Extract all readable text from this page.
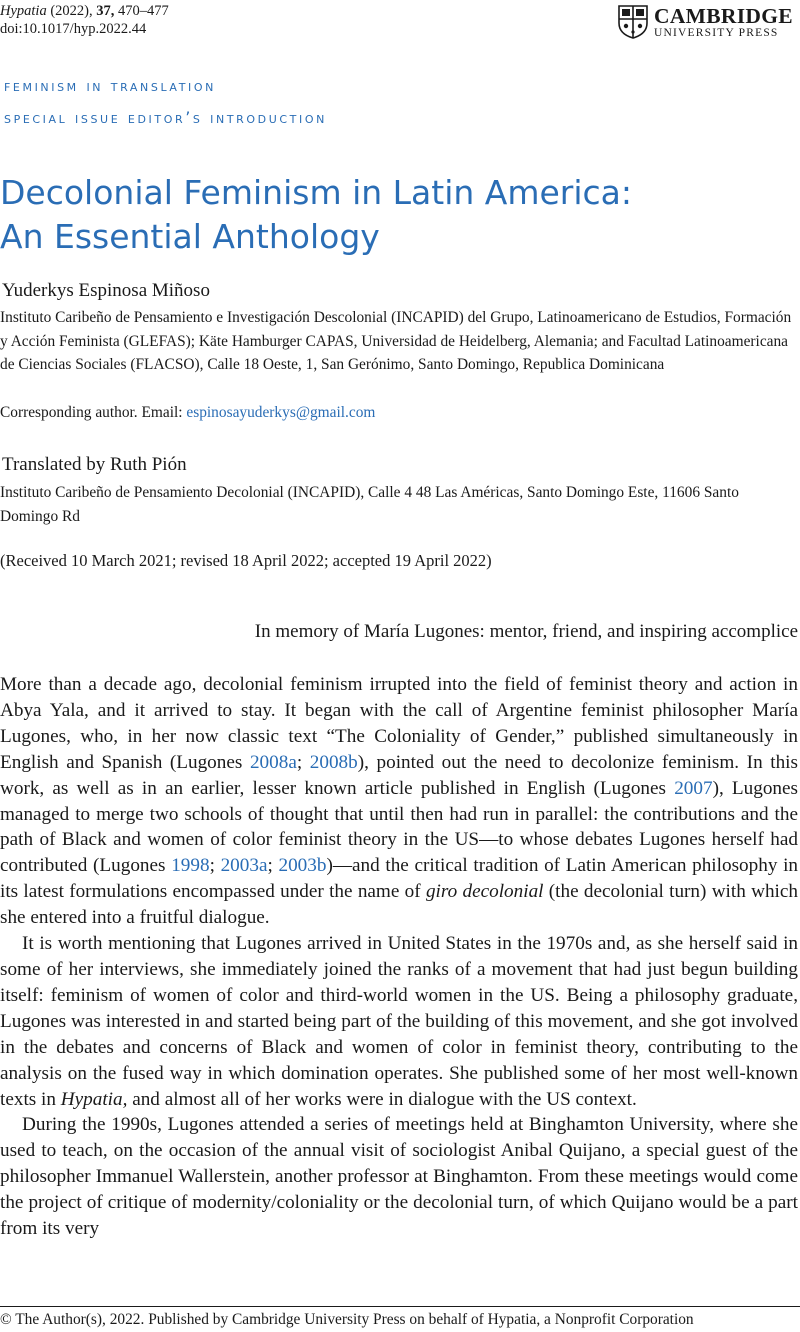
Hypatia (2022), 37, 470–477
doi:10.1017/hyp.2022.44
CAMBRIDGE
UNIVERSITY PRESS
feminism in translation
special issue editor’s introduction
Decolonial Feminism in Latin America:
An Essential Anthology
Yuderkys Espinosa Miñoso
Instituto Caribeño de Pensamiento e Investigación Descolonial (INCAPID) del Grupo, Latinoamericano de Estudios, Formación y Acción Feminista (GLEFAS); Käte Hamburger CAPAS, Universidad de Heidelberg, Alemania; and Facultad Latinoamericana de Ciencias Sociales (FLACSO), Calle 18 Oeste, 1, San Gerónimo, Santo Domingo, Republica Dominicana
Corresponding author. Email: espinosayuderkys@gmail.com
Translated by Ruth Pión
Instituto Caribeño de Pensamiento Decolonial (INCAPID), Calle 4 48 Las Américas, Santo Domingo Este, 11606 Santo Domingo Rd
(Received 10 March 2021; revised 18 April 2022; accepted 19 April 2022)
In memory of María Lugones: mentor, friend, and inspiring accomplice

More than a decade ago, decolonial feminism irrupted into the field of feminist theory and action in Abya Yala, and it arrived to stay. It began with the call of Argentine feminist philosopher María Lugones, who, in her now classic text “The Coloniality of Gender,” published simultaneously in English and Spanish (Lugones 2008a; 2008b), pointed out the need to decolonize feminism. In this work, as well as in an earlier, lesser known article published in English (Lugones 2007), Lugones managed to merge two schools of thought that until then had run in parallel: the contributions and the path of Black and women of color feminist theory in the US—to whose debates Lugones herself had contributed (Lugones 1998; 2003a; 2003b)—and the critical tradition of Latin American philosophy in its latest formulations encompassed under the name of giro decolonial (the decolonial turn) with which she entered into a fruitful dialogue.

It is worth mentioning that Lugones arrived in United States in the 1970s and, as she herself said in some of her interviews, she immediately joined the ranks of a movement that had just begun building itself: feminism of women of color and third-world women in the US. Being a philosophy graduate, Lugones was interested in and started being part of the building of this movement, and she got involved in the debates and concerns of Black and women of color in feminist theory, contributing to the analysis on the fused way in which domination operates. She published some of her most well-known texts in Hypatia, and almost all of her works were in dialogue with the US context.

During the 1990s, Lugones attended a series of meetings held at Binghamton University, where she used to teach, on the occasion of the annual visit of sociologist Anibal Quijano, a special guest of the philosopher Immanuel Wallerstein, another professor at Binghamton. From these meetings would come the project of critique of modernity/coloniality or the decolonial turn, of which Quijano would be a part from its very

© The Author(s), 2022. Published by Cambridge University Press on behalf of Hypatia, a Nonprofit Corporation
